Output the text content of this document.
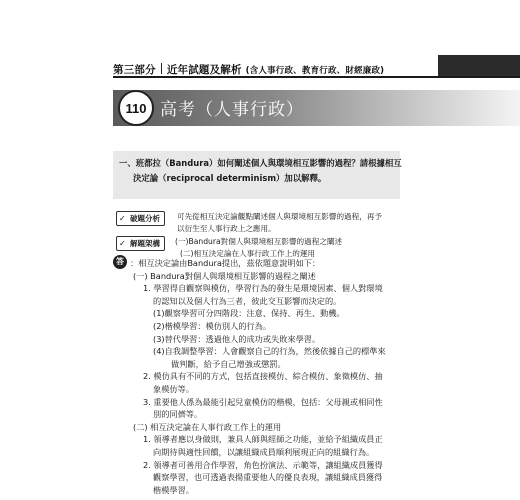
第三部分 近年試題及解析 (含人事行政、教育行政、財經廉政)
110 高考（人事行政）

一、班都拉（Bandura）如何闡述個人與環境相互影響的過程？請根據相互

決定論（reciprocal determinism）加以解釋。

✓ 破題分析	可先從相互決定論觀點闡述個人與環境相互影響的過程，再予
以衍生至人事行政上之應用。
✓ 解題架構	(一)Bandura對個人與環境相互影響的過程之闡述
(二)相互決定論在人事行政工作上的運用
答 ：相互決定論由Bandura提出，茲依題意說明如下：
(一) Bandura對個人與環境相互影響的過程之闡述
1. 學習得自觀察與模仿，學習行為的發生是環境因素、個人對環境
的認知以及個人行為三者，彼此交互影響而決定的。
(1)觀察學習可分四階段：注意、保持、再生、動機。
(2)楷模學習：模仿別人的行為。
(3)替代學習：透過他人的成功或失敗來學習。
(4)自我調整學習：人會觀察自己的行為，然後依據自己的標準來
做判斷，給予自己增強或懲罰。
2. 模仿具有不同的方式，包括直接模仿、綜合模仿、象徵模仿、抽
象模仿等。
3. 重要他人係為最能引起兒童模仿的楷模，包括：父母親或相同性
別的同儕等。
(二) 相互決定論在人事行政工作上的運用
1. 領導者應以身做則，兼具人師與經師之功能，並給予組織成員正
向期待與適性回饋，以讓組織成員順利展現正向的組織行為。
2. 領導者可善用合作學習，角色扮演法、示範等，讓組織成員獲得
觀察學習，也可透過表揚重要他人的優良表現，讓組織成員獲得
楷模學習。
